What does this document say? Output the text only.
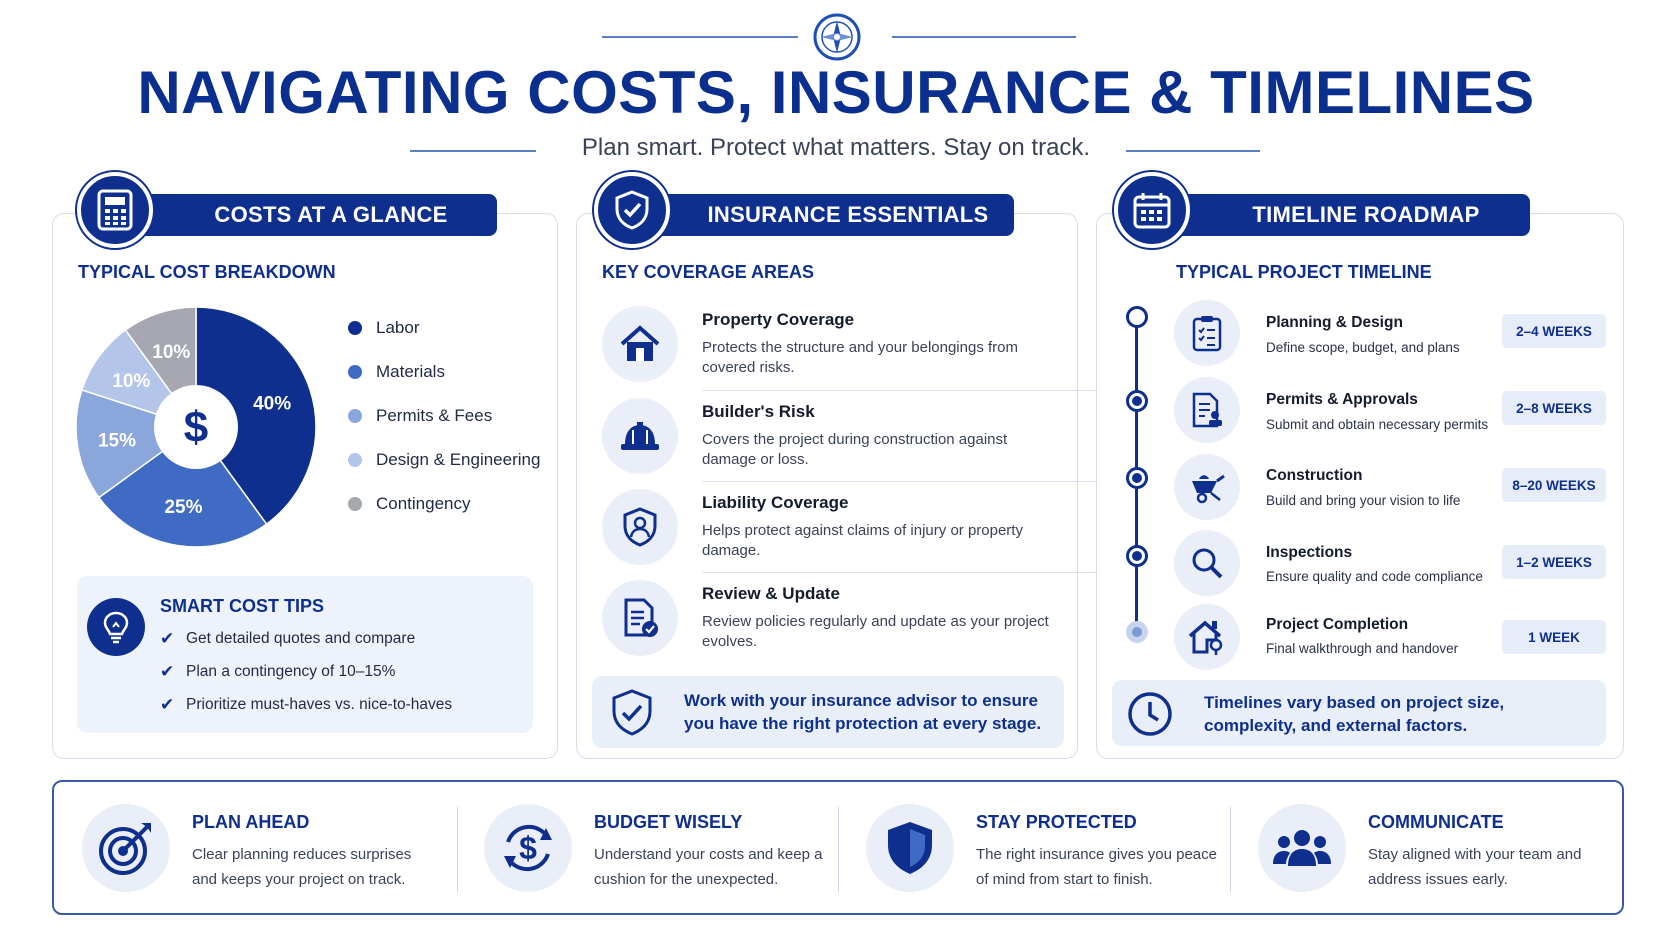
NAVIGATING COSTS, INSURANCE & TIMELINES
Plan smart. Protect what matters. Stay on track.
COSTS AT A GLANCE
TYPICAL COST BREAKDOWN
40%
25%
15%
10%
10%
$
Labor
Materials
Permits & Fees
Design & Engineering
Contingency
SMART COST TIPS
✔ Get detailed quotes and compare
✔ Plan a contingency of 10–15%
✔ Prioritize must-haves vs. nice-to-haves
INSURANCE ESSENTIALS
KEY COVERAGE AREAS
Property Coverage
Protects the structure and your belongings from covered risks.
Builder's Risk
Covers the project during construction against damage or loss.
Liability Coverage
Helps protect against claims of injury or property damage.
Review & Update
Review policies regularly and update as your project evolves.
Work with your insurance advisor to ensure you have the right protection at every stage.
TIMELINE ROADMAP
TYPICAL PROJECT TIMELINE
Planning & Design
Define scope, budget, and plans
2–4 WEEKS
Permits & Approvals
Submit and obtain necessary permits
2–8 WEEKS
Construction
Build and bring your vision to life
8–20 WEEKS
Inspections
Ensure quality and code compliance
1–2 WEEKS
Project Completion
Final walkthrough and handover
1 WEEK
Timelines vary based on project size, complexity, and external factors.
PLAN AHEAD
Clear planning reduces surprises and keeps your project on track.
$
BUDGET WISELY
Understand your costs and keep a cushion for the unexpected.
STAY PROTECTED
The right insurance gives you peace of mind from start to finish.
COMMUNICATE
Stay aligned with your team and address issues early.
